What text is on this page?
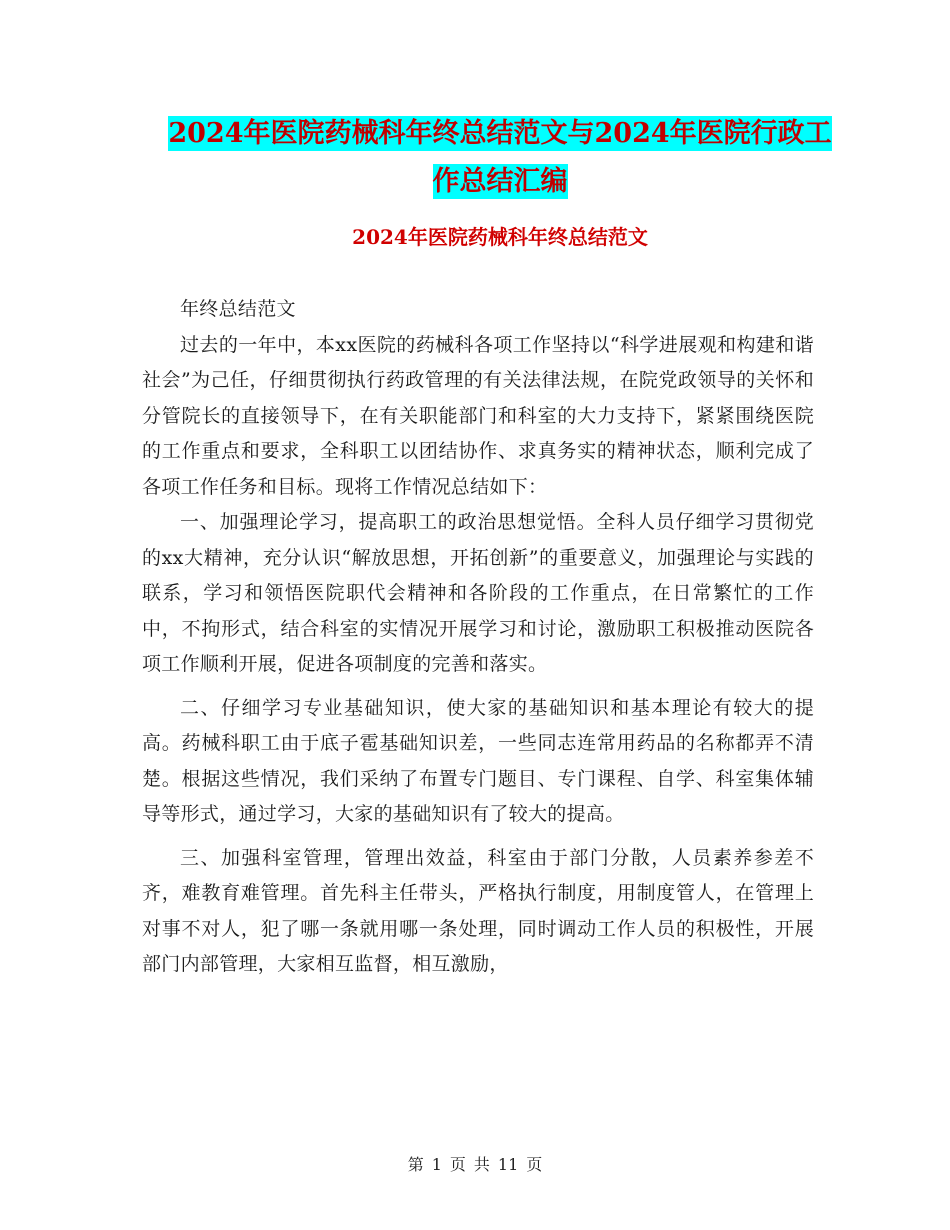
2024年医院药械科年终总结范文与2024年医院行政工
作总结汇编
2024年医院药械科年终总结范文

年终总结范文

过去的一年中，本xx医院的药械科各项工作坚持以“科学进展观和构建和谐社会”为己任，仔细贯彻执行药政管理的有关法律法规，在院党政领导的关怀和分管院长的直接领导下，在有关职能部门和科室的大力支持下，紧紧围绕医院的工作重点和要求，全科职工以团结协作、求真务实的精神状态，顺利完成了各项工作任务和目标。现将工作情况总结如下：

一、加强理论学习，提高职工的政治思想觉悟。全科人员仔细学习贯彻党的xx大精神，充分认识“解放思想，开拓创新”的重要意义，加强理论与实践的联系，学习和领悟医院职代会精神和各阶段的工作重点，在日常繁忙的工作中，不拘形式，结合科室的实情况开展学习和讨论，激励职工积极推动医院各项工作顺利开展，促进各项制度的完善和落实。

二、仔细学习专业基础知识，使大家的基础知识和基本理论有较大的提高。药械科职工由于底子雹基础知识差，一些同志连常用药品的名称都弄不清楚。根据这些情况，我们采纳了布置专门题目、专门课程、自学、科室集体辅导等形式，通过学习，大家的基础知识有了较大的提高。

三、加强科室管理，管理出效益，科室由于部门分散，人员素养参差不齐，难教育难管理。首先科主任带头，严格执行制度，用制度管人，在管理上对事不对人，犯了哪一条就用哪一条处理，同时调动工作人员的积极性，开展部门内部管理，大家相互监督，相互激励，

第 1 页 共 11 页
